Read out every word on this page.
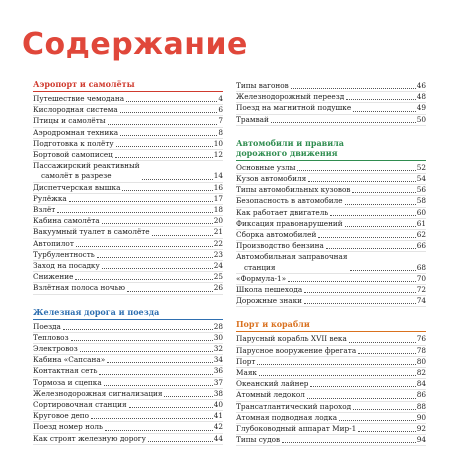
Содержание
Аэропорт и самолёты
Путешествие чемодана	4
Кислородная система	6
Птицы и самолёты	7
Аэродромная техника	8
Подготовка к полёту	10
Бортовой самописец	12
Пассажирский реактивный
самолёт в разрезе	14
Диспетчерская вышка	16
Рулёжка	17
Взлёт	18
Кабина самолёта	20
Вакуумный туалет в самолёте	21
Автопилот	22
Турбулентность	23
Заход на посадку	24
Снижение	25
Взлётная полоса ночью	26
Железная дорога и поезда
Поезда	28
Тепловоз	30
Электровоз	32
Кабина «Сапсана»	34
Контактная сеть	36
Тормоза и сцепка	37
Железнодорожная сигнализация	38
Сортировочная станция	40
Круговое депо	41
Поезд номер ноль	42
Как строят железную дорогу	44
Типы вагонов	46
Железнодорожный переезд	48
Поезд на магнитной подушке	49
Трамвай	50
Автомобили и правила
дорожного движения
Основные узлы	52
Кузов автомобиля	54
Типы автомобильных кузовов	56
Безопасность в автомобиле	58
Как работает двигатель	60
Фиксация правонарушений	61
Сборка автомобилей	62
Производство бензина	66
Автомобильная заправочная
станция	68
«Формула-1»	70
Школа пешехода	72
Дорожные знаки	74
Порт и корабли
Парусный корабль XVII века	76
Парусное вооружение фрегата	78
Порт	80
Маяк	82
Океанский лайнер	84
Атомный ледокол	86
Трансатлантический пароход	88
Атомная подводная лодка	90
Глубоководный аппарат Мир-1	92
Типы судов	94
